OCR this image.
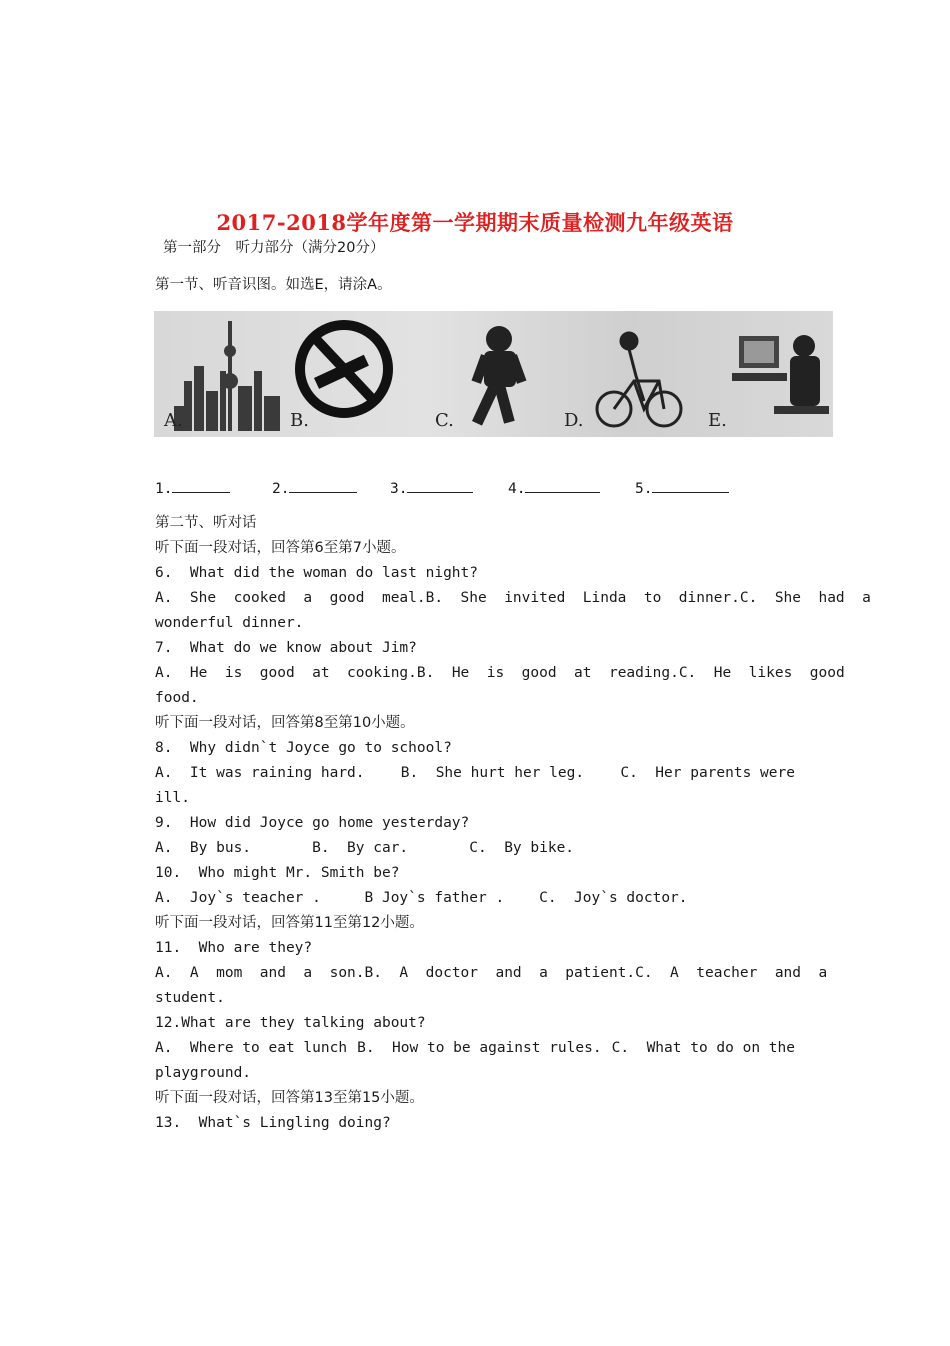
2017-2018学年度第一学期期末质量检测九年级英语
第一部分　听力部分（满分20分）
第一节、听音识图。如选E，请涂A。
A.	B.	C.	D.	E.
1.	2.	3.	4.	5.
第二节、听对话
听下面一段对话，回答第6至第7小题。
6.  What did the woman do last night?
A.  She  cooked  a  good  meal. B.  She  invited  Linda  to  dinner. C.  She  had  a
wonderful dinner.
7.  What do we know about Jim?
A.  He  is  good  at  cooking. B.  He  is  good  at  reading. C.  He  likes  good
food.
听下面一段对话，回答第8至第10小题。
8.  Why didn`t Joyce go to school?
A.  It was raining hard.	B.  She hurt her leg.	C.  Her parents were
ill.
9.  How did Joyce go home yesterday?
A.  By bus.       B.  By car.       C.  By bike.
10.  Who might Mr. Smith be?
A.  Joy`s teacher .     B Joy`s father .    C.  Joy`s doctor.
听下面一段对话，回答第11至第12小题。
11.  Who are they?
A.  A  mom  and  a  son. B.  A  doctor  and  a  patient. C.  A  teacher  and  a
student.
12.What are they talking about?
A.  Where to eat lunch B.  How to be against rules. C.  What to do on the
playground.
听下面一段对话，回答第13至第15小题。
13.  What`s Lingling doing?
